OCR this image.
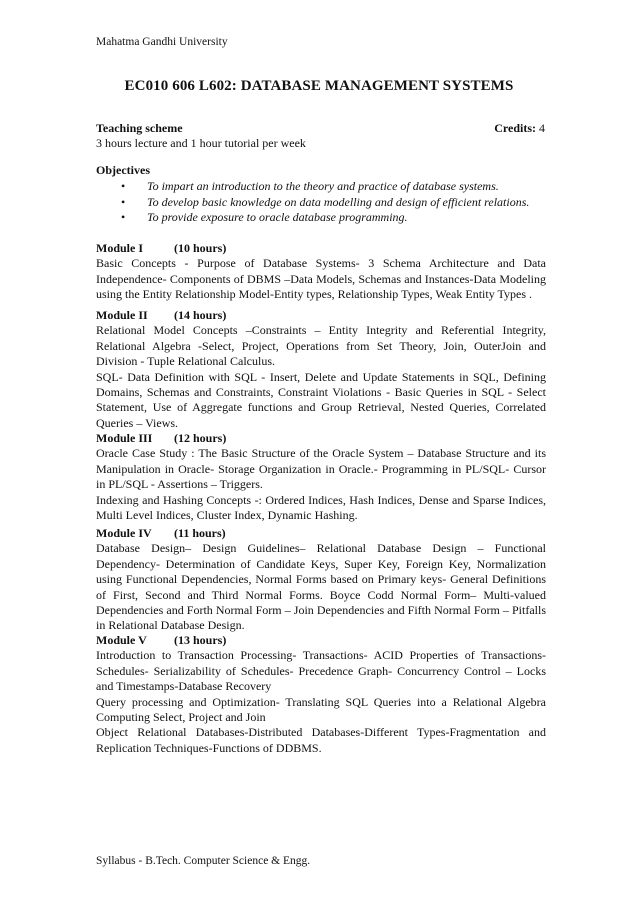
Mahatma Gandhi University
EC010 606 L602: DATABASE MANAGEMENT SYSTEMS
Teaching scheme	Credits: 4
3 hours lecture and 1 hour tutorial per week
Objectives
• To impart an introduction to the theory and practice of database systems.
• To develop basic knowledge on data modelling and design of efficient relations.
• To provide exposure to oracle database programming.
Module I	(10 hours)

Basic Concepts - Purpose of Database Systems- 3 Schema Architecture and Data Independence- Components of DBMS –Data Models, Schemas and Instances-Data Modeling using the Entity Relationship Model-Entity types, Relationship Types, Weak Entity Types .

Module II (14 hours)

Relational Model Concepts –Constraints – Entity Integrity and Referential Integrity, Relational Algebra -Select, Project, Operations from Set Theory, Join, OuterJoin and Division - Tuple Relational Calculus.

SQL- Data Definition with SQL - Insert, Delete and Update Statements in SQL, Defining Domains, Schemas and Constraints, Constraint Violations - Basic Queries in SQL - Select Statement, Use of Aggregate functions and Group Retrieval, Nested Queries, Correlated Queries – Views.

Module III (12 hours)

Oracle Case Study : The Basic Structure of the Oracle System – Database Structure and its Manipulation in Oracle- Storage Organization in Oracle.- Programming in PL/SQL- Cursor in PL/SQL - Assertions – Triggers.

Indexing and Hashing Concepts -: Ordered Indices, Hash Indices, Dense and Sparse Indices, Multi Level Indices, Cluster Index, Dynamic Hashing.

Module IV (11 hours)

Database Design– Design Guidelines– Relational Database Design – Functional Dependency- Determination of Candidate Keys, Super Key, Foreign Key, Normalization using Functional Dependencies, Normal Forms based on Primary keys- General Definitions of First, Second and Third Normal Forms. Boyce Codd Normal Form– Multi-valued Dependencies and Forth Normal Form – Join Dependencies and Fifth Normal Form – Pitfalls in Relational Database Design.

Module V (13 hours)

Introduction to Transaction Processing- Transactions- ACID Properties of Transactions- Schedules- Serializability of Schedules- Precedence Graph- Concurrency Control – Locks and Timestamps-Database Recovery

Query processing and Optimization- Translating SQL Queries into a Relational Algebra Computing Select, Project and Join

Object Relational Databases-Distributed Databases-Different Types-Fragmentation and Replication Techniques-Functions of DDBMS.

Syllabus - B.Tech. Computer Science & Engg.
